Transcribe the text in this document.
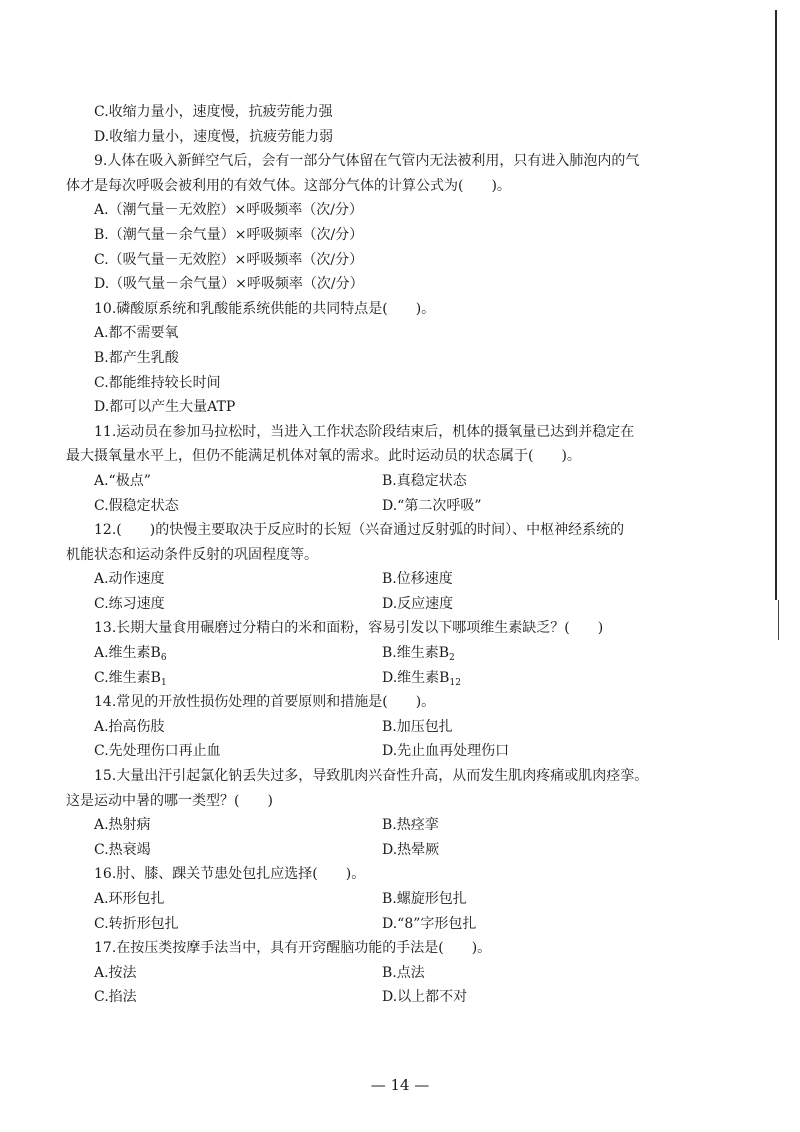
C.收缩力量小，速度慢，抗疲劳能力强
D.收缩力量小，速度慢，抗疲劳能力弱
9.人体在吸入新鲜空气后，会有一部分气体留在气管内无法被利用，只有进入肺泡内的气
体才是每次呼吸会被利用的有效气体。这部分气体的计算公式为(　　)。
A.（潮气量－无效腔）×呼吸频率（次/分）
B.（潮气量－余气量）×呼吸频率（次/分）
C.（吸气量－无效腔）×呼吸频率（次/分）
D.（吸气量－余气量）×呼吸频率（次/分）
10.磷酸原系统和乳酸能系统供能的共同特点是(　　)。
A.都不需要氧
B.都产生乳酸
C.都能维持较长时间
D.都可以产生大量ATP
11.运动员在参加马拉松时，当进入工作状态阶段结束后，机体的摄氧量已达到并稳定在
最大摄氧量水平上，但仍不能满足机体对氧的需求。此时运动员的状态属于(　　)。
A.“极点”	B.真稳定状态
C.假稳定状态	D.“第二次呼吸”
12.(　　)的快慢主要取决于反应时的长短（兴奋通过反射弧的时间）、中枢神经系统的
机能状态和运动条件反射的巩固程度等。
A.动作速度	B.位移速度
C.练习速度	D.反应速度
13.长期大量食用碾磨过分精白的米和面粉，容易引发以下哪项维生素缺乏？(　　)
A.维生素$B_6$	B.维生素$B_2$
C.维生素$B_1$	D.维生素$B_{12}$
14.常见的开放性损伤处理的首要原则和措施是(　　)。
A.抬高伤肢	B.加压包扎
C.先处理伤口再止血	D.先止血再处理伤口
15.大量出汗引起氯化钠丢失过多，导致肌肉兴奋性升高，从而发生肌肉疼痛或肌肉痉挛。
这是运动中暑的哪一类型？(　　)
A.热射病	B.热痉挛
C.热衰竭	D.热晕厥
16.肘、膝、踝关节患处包扎应选择(　　)。
A.环形包扎	B.螺旋形包扎
C.转折形包扎	D.“8”字形包扎
17.在按压类按摩手法当中，具有开窍醒脑功能的手法是(　　)。
A.按法	B.点法
C.掐法	D.以上都不对
— 14 —
